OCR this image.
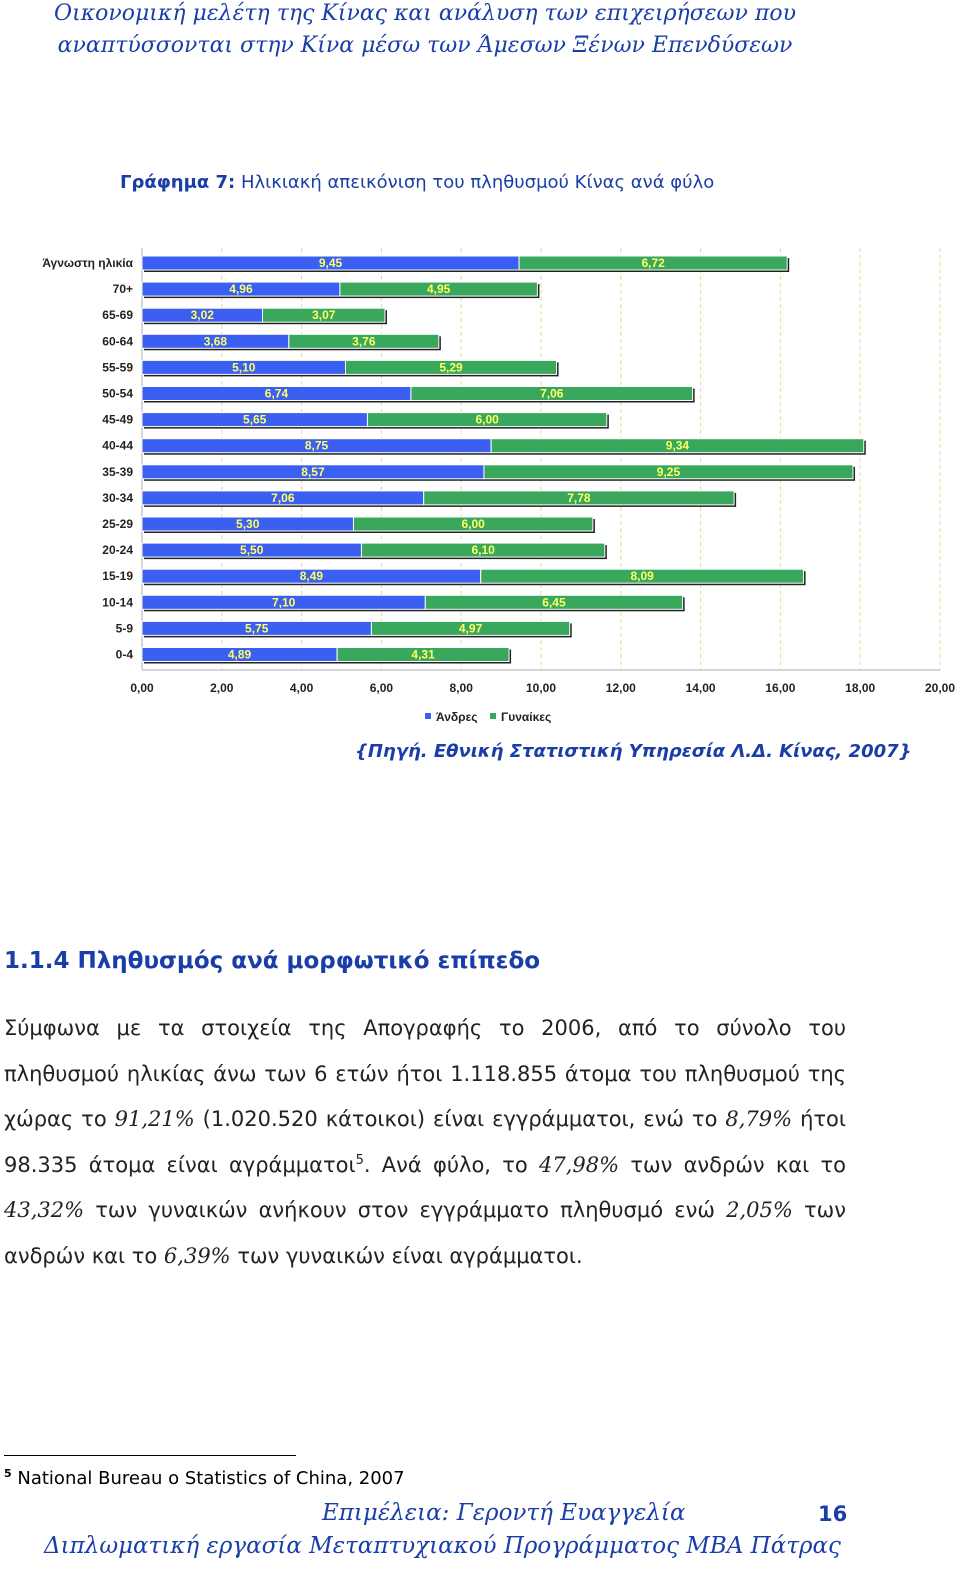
Οικονομική μελέτη της Κίνας και ανάλυση των επιχειρήσεων που
αναπτύσσονται στην Κίνα μέσω των Άμεσων Ξένων Επενδύσεων
Γράφημα 7: Ηλικιακή απεικόνιση του πληθυσμού Κίνας ανά φύλο
0,00	2,00	4,00	6,00	8,00	10,00	12,00	14,00	16,00	18,00	20,00
Άγνωστη ηλικία	9,45	6,72
70+	4,96	4,95
65-69	3,02	3,07
60-64	3,68	3,76
55-59	5,10	5,29
50-54	6,74	7,06
45-49	5,65	6,00
40-44	8,75	9,34
35-39	8,57	9,25
30-34	7,06	7,78
25-29	5,30	6,00
20-24	5,50	6,10
15-19	8,49	8,09
10-14	7,10	6,45
5-9	5,75	4,97
0-4	4,89	4,31
Άνδρες Γυναίκες
{Πηγή. Εθνική Στατιστική Υπηρεσία Λ.Δ. Κίνας, 2007}
1.1.4 Πληθυσμός ανά μορφωτικό επίπεδο
Σύμφωνα με τα στοιχεία της Απογραφής το 2006, από το σύνολο του πληθυσμού ηλικίας άνω των 6 ετών ήτοι 1.118.855 άτομα του πληθυσμού της χώρας το 91,21% (1.020.520 κάτοικοι) είναι εγγράμματοι, ενώ το 8,79% ήτοι 98.335 άτομα είναι αγράμματοι$^5$. Ανά φύλο, το 47,98% των ανδρών και το 43,32% των γυναικών ανήκουν στον εγγράμματο πληθυσμό ενώ 2,05% των ανδρών και το 6,39% των γυναικών είναι αγράμματοι.
$^5$ National Bureau o Statistics of China, 2007
Επιμέλεια: Γεροντή Ευαγγελία	16
Διπλωματική εργασία Μεταπτυχιακού Προγράμματος ΜΒΑ Πάτρας
